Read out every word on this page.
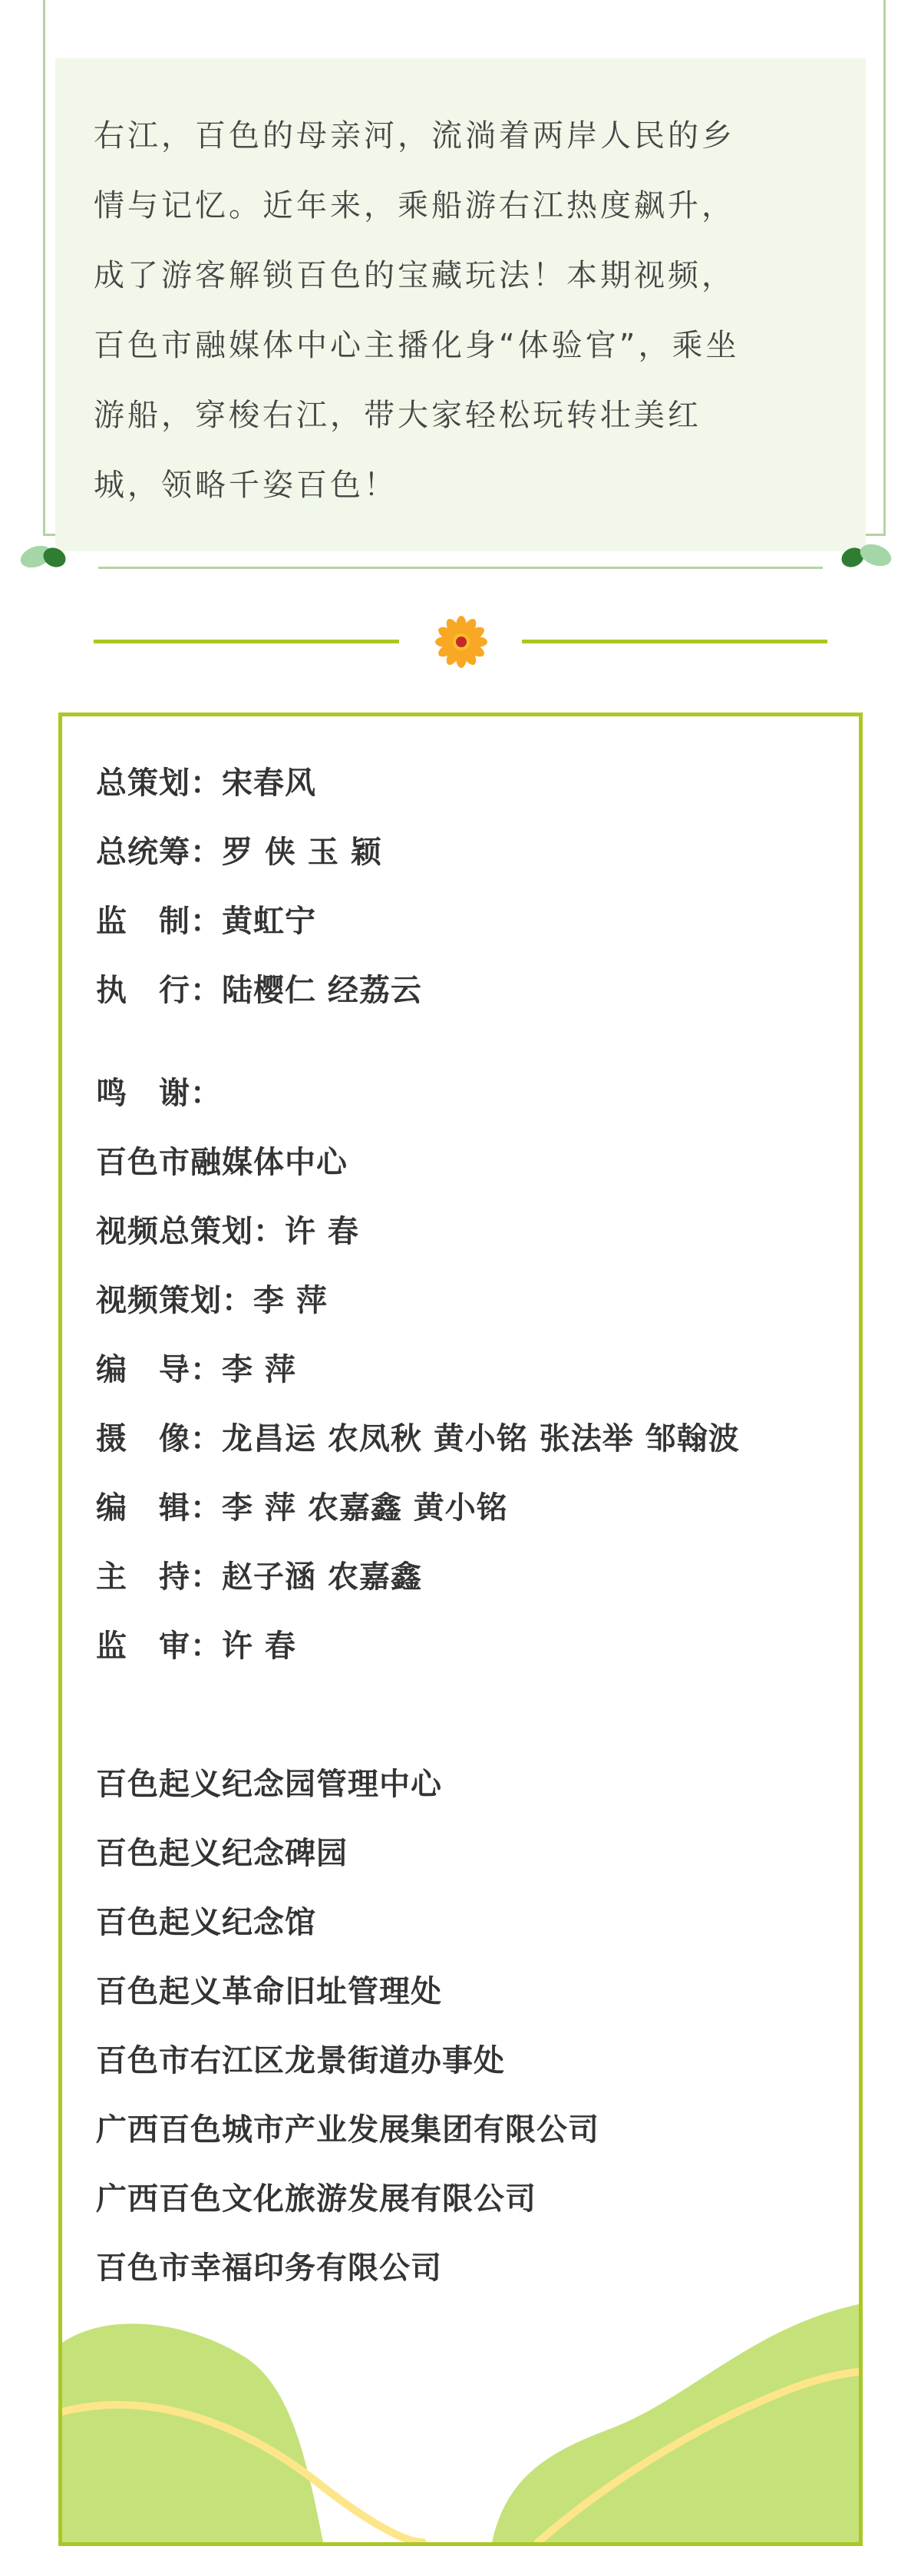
右江，百色的母亲河，流淌着两岸人民的乡
情与记忆。近年来，乘船游右江热度飙升，
成了游客解锁百色的宝藏玩法！本期视频，
百色市融媒体中心主播化身“体验官”，乘坐
游船，穿梭右江，带大家轻松玩转壮美红
城，领略千姿百色！

总策划：宋春风
总统筹：罗 侠 玉 颖
监　制：黄虹宁
执　行：陆樱仁 经荔云
鸣　谢：
百色市融媒体中心
视频总策划：许 春
视频策划：李 萍
编　导：李 萍
摄　像：龙昌运 农凤秋 黄小铭 张法举 邹翰波
编　辑：李 萍 农嘉鑫 黄小铭
主　持：赵子涵 农嘉鑫
监　审：许 春
百色起义纪念园管理中心
百色起义纪念碑园
百色起义纪念馆
百色起义革命旧址管理处
百色市右江区龙景街道办事处
广西百色城市产业发展集团有限公司
广西百色文化旅游发展有限公司
百色市幸福印务有限公司
